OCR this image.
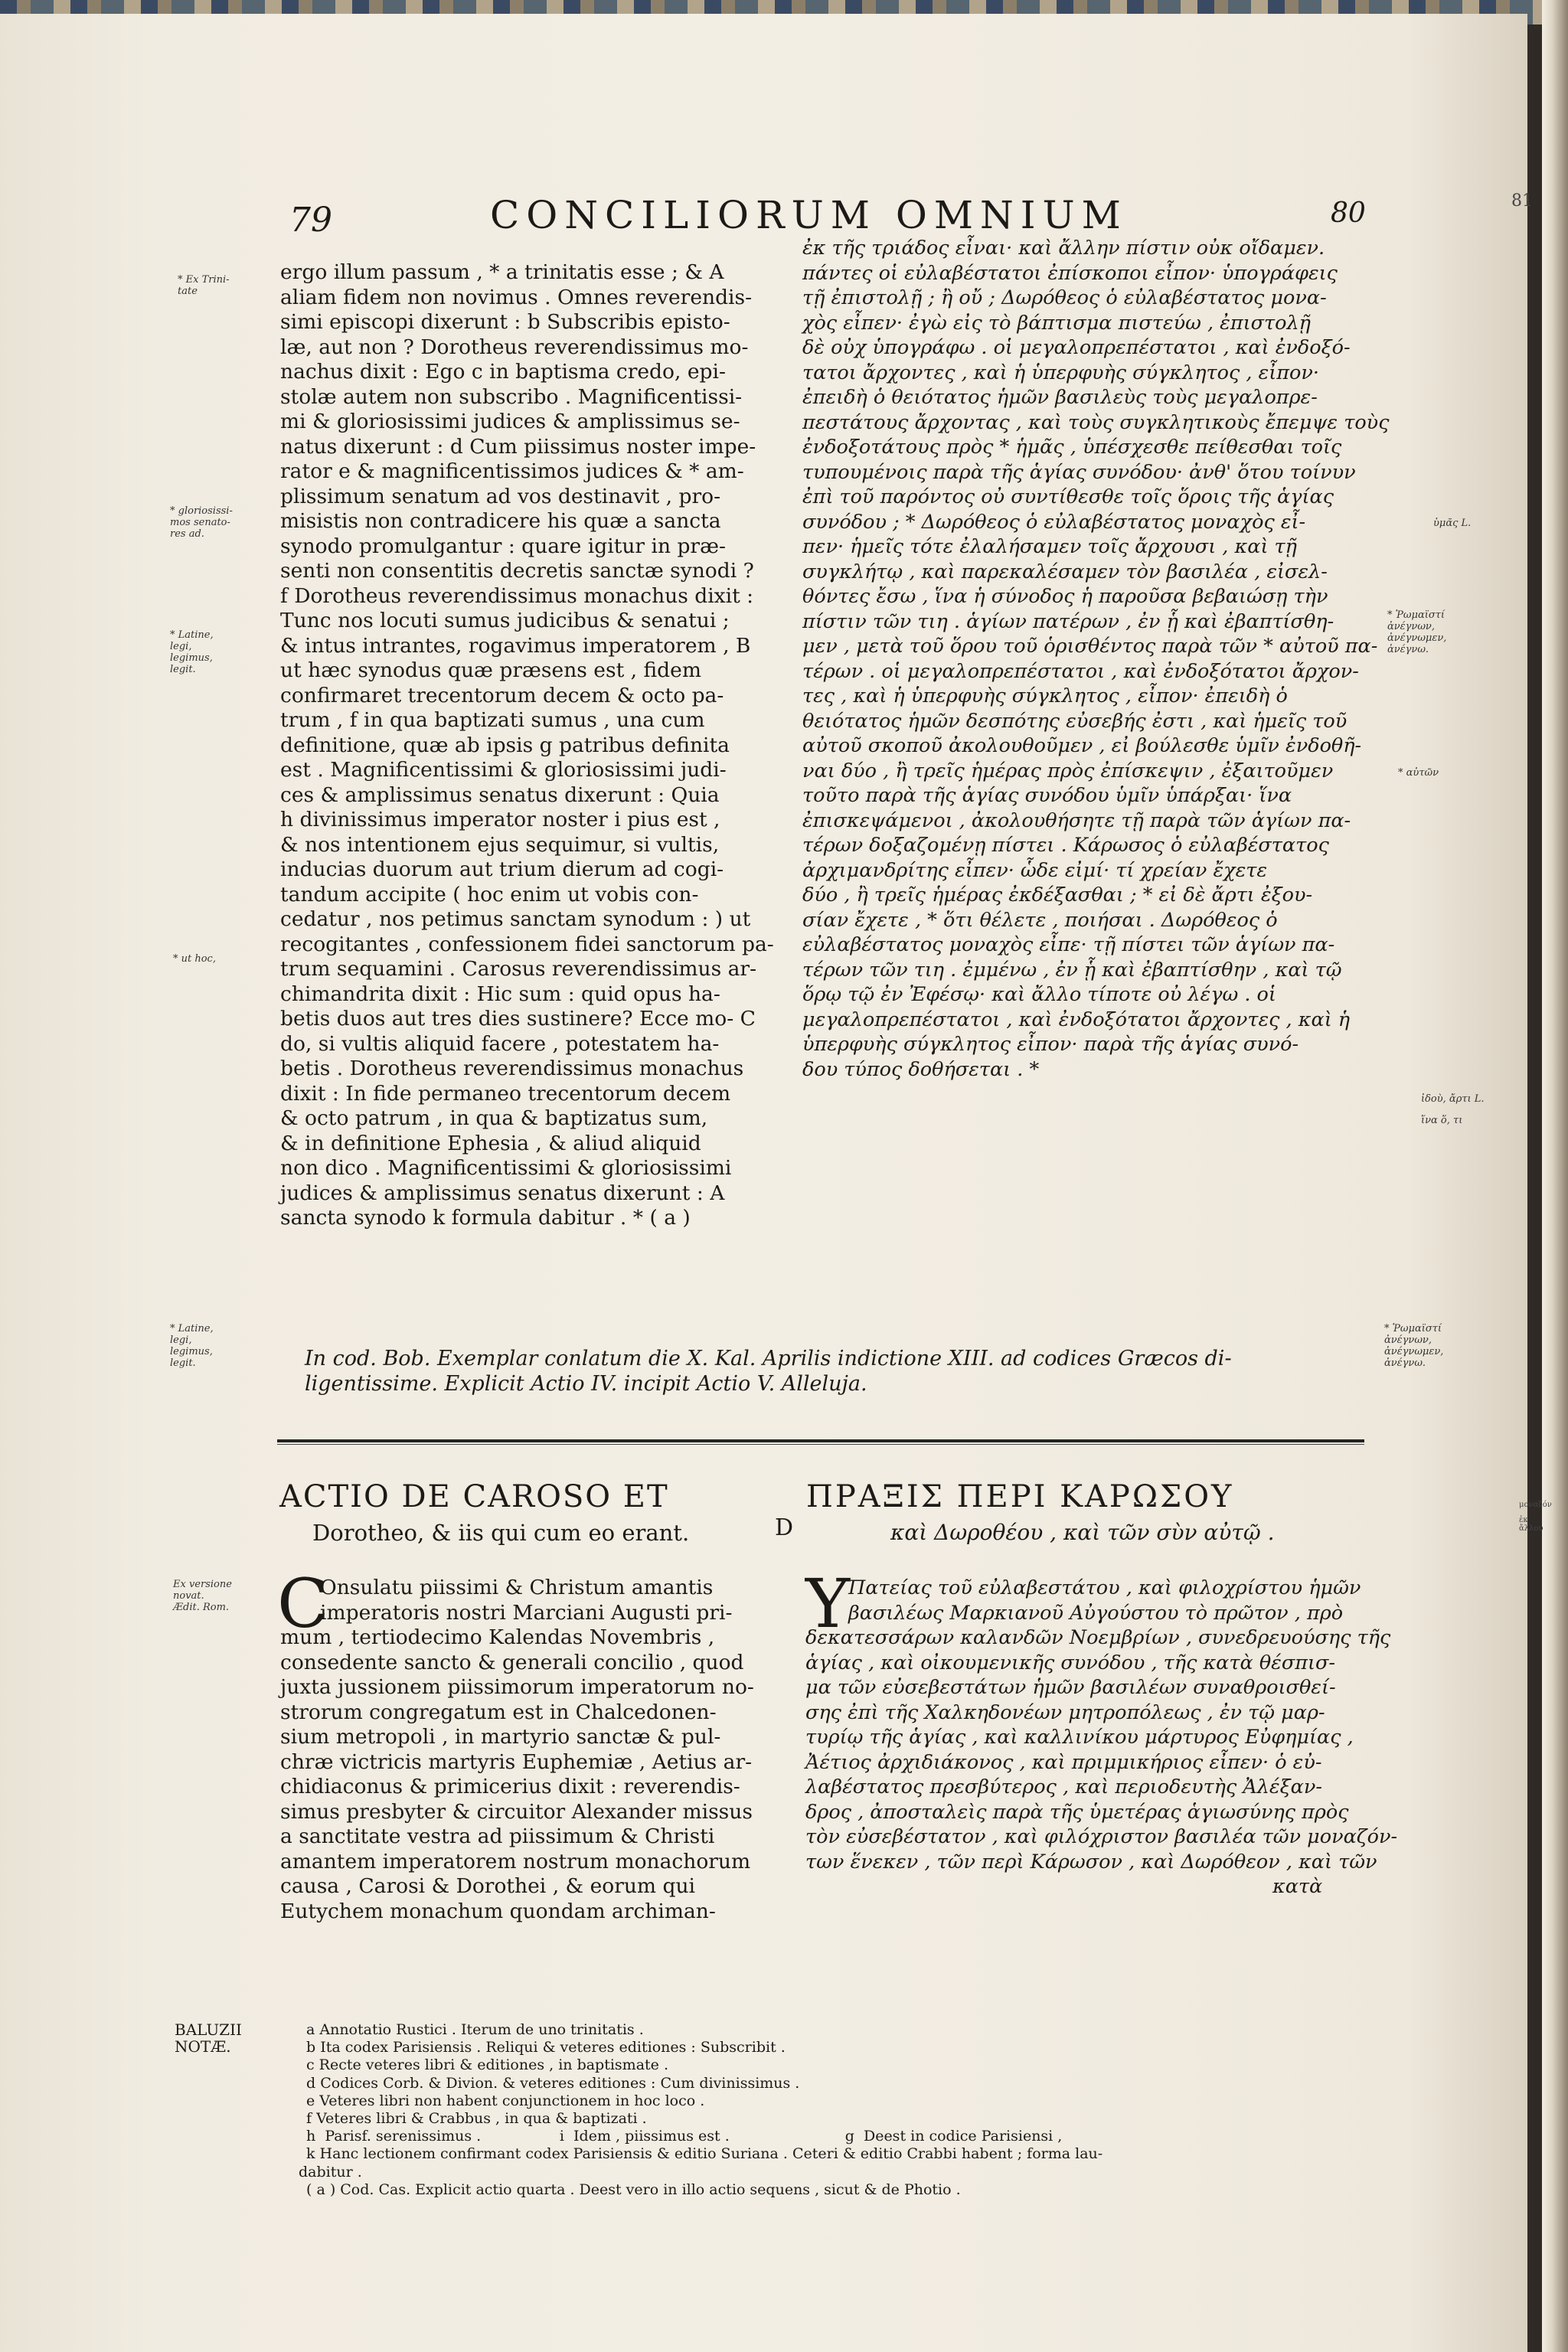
81
μοναζόν
ἐκ ἄλλου
79	CONCILIORUM OMNIUM	80
ergo illum passum , * a trinitatis esse ; & A
aliam fidem non novimus . Omnes reverendis-
simi episcopi dixerunt : b Subscribis episto-
læ, aut non ? Dorotheus reverendissimus mo-
nachus dixit : Ego c in baptisma credo, epi-
stolæ autem non subscribo . Magnificentissi-
mi & gloriosissimi judices & amplissimus se-
natus dixerunt : d Cum piissimus noster impe-
rator e & magnificentissimos judices & * am-
plissimum senatum ad vos destinavit , pro-
misistis non contradicere his quæ a sancta
synodo promulgantur : quare igitur in præ-
senti non consentitis decretis sanctæ synodi ?
f Dorotheus reverendissimus monachus dixit :
Tunc nos locuti sumus judicibus & senatui ;
& intus intrantes, rogavimus imperatorem , B
ut hæc synodus quæ præsens est , fidem
confirmaret trecentorum decem & octo pa-
trum , f in qua baptizati sumus , una cum
definitione, quæ ab ipsis g patribus definita
est . Magnificentissimi & gloriosissimi judi-
ces & amplissimus senatus dixerunt : Quia
h divinissimus imperator noster i pius est ,
& nos intentionem ejus sequimur, si vultis,
inducias duorum aut trium dierum ad cogi-
tandum accipite ( hoc enim ut vobis con-
cedatur , nos petimus sanctam synodum : ) ut
recogitantes , confessionem fidei sanctorum pa-
trum sequamini . Carosus reverendissimus ar-
chimandrita dixit : Hic sum : quid opus ha-
betis duos aut tres dies sustinere? Ecce mo- C
do, si vultis aliquid facere , potestatem ha-
betis . Dorotheus reverendissimus monachus
dixit : In fide permaneo trecentorum decem
& octo patrum , in qua & baptizatus sum,
& in definitione Ephesia , & aliud aliquid
non dico . Magnificentissimi & gloriosissimi
judices & amplissimus senatus dixerunt : A
sancta synodo k formula dabitur . * ( a )
ἐκ τῆς τριάδος εἶναι· καὶ ἄλλην πίστιν οὐκ οἴδαμεν.
πάντες οἱ εὐλαβέστατοι ἐπίσκοποι εἶπον· ὑπογράφεις
τῇ ἐπιστολῇ ; ἢ οὔ ; Δωρόθεος ὁ εὐλαβέστατος μονα-
χὸς εἶπεν· ἐγὼ εἰς τὸ βάπτισμα πιστεύω , ἐπιστολῇ
δὲ οὐχ ὑπογράφω . οἱ μεγαλοπρεπέστατοι , καὶ ἐνδοξό-
τατοι ἄρχοντες , καὶ ἡ ὑπερφυὴς σύγκλητος , εἶπον·
ἐπειδὴ ὁ θειότατος ἡμῶν βασιλεὺς τοὺς μεγαλοπρε-
πεστάτους ἄρχοντας , καὶ τοὺς συγκλητικοὺς ἔπεμψε τοὺς
ἐνδοξοτάτους πρὸς * ἡμᾶς , ὑπέσχεσθε πείθεσθαι τοῖς
τυπουμένοις παρὰ τῆς ἁγίας συνόδου· ἀνθ' ὅτου τοίνυν
ἐπὶ τοῦ παρόντος οὐ συντίθεσθε τοῖς ὅροις τῆς ἁγίας
συνόδου ; * Δωρόθεος ὁ εὐλαβέστατος μοναχὸς εἶ-
πεν· ἡμεῖς τότε ἐλαλήσαμεν τοῖς ἄρχουσι , καὶ τῇ
συγκλήτῳ , καὶ παρεκαλέσαμεν τὸν βασιλέα , εἰσελ-
θόντες ἔσω , ἵνα ἡ σύνοδος ἡ παροῦσα βεβαιώσῃ τὴν
πίστιν τῶν τιη . ἁγίων πατέρων , ἐν ᾗ καὶ ἐβαπτίσθη-
μεν , μετὰ τοῦ ὅρου τοῦ ὁρισθέντος παρὰ τῶν * αὐτοῦ πα-
τέρων . οἱ μεγαλοπρεπέστατοι , καὶ ἐνδοξότατοι ἄρχον-
τες , καὶ ἡ ὑπερφυὴς σύγκλητος , εἶπον· ἐπειδὴ ὁ
θειότατος ἡμῶν δεσπότης εὐσεβής ἐστι , καὶ ἡμεῖς τοῦ
αὐτοῦ σκοποῦ ἀκολουθοῦμεν , εἰ βούλεσθε ὑμῖν ἐνδοθῆ-
ναι δύο , ἢ τρεῖς ἡμέρας πρὸς ἐπίσκεψιν , ἐξαιτοῦμεν
τοῦτο παρὰ τῆς ἁγίας συνόδου ὑμῖν ὑπάρξαι· ἵνα
ἐπισκεψάμενοι , ἀκολουθήσητε τῇ παρὰ τῶν ἁγίων πα-
τέρων δοξαζομένῃ πίστει . Κάρωσος ὁ εὐλαβέστατος
ἀρχιμανδρίτης εἶπεν· ὧδε εἰμί· τί χρείαν ἔχετε
δύο , ἢ τρεῖς ἡμέρας ἐκδέξασθαι ; * εἰ δὲ ἄρτι ἐξου-
σίαν ἔχετε , * ὅτι θέλετε , ποιήσαι . Δωρόθεος ὁ
εὐλαβέστατος μοναχὸς εἶπε· τῇ πίστει τῶν ἁγίων πα-
τέρων τῶν τιη . ἐμμένω , ἐν ᾗ καὶ ἐβαπτίσθην , καὶ τῷ
ὅρῳ τῷ ἐν Ἐφέσῳ· καὶ ἄλλο τίποτε οὐ λέγω . οἱ
μεγαλοπρεπέστατοι , καὶ ἐνδοξότατοι ἄρχοντες , καὶ ἡ
ὑπερφυὴς σύγκλητος εἶπον· παρὰ τῆς ἁγίας συνό-
δου τύπος δοθήσεται . *
* Ex Trini-
tate
* gloriosissi-
mos senato-
res ad.
* Latine,
legi,
legimus,
legit.
* ut hoc,
* Latine,
legi,
legimus,
legit.
ὑμᾶς L.
* Ῥωμαϊστί
ἀνέγνων,
ἀνέγνωμεν,
ἀνέγνω.
* αὐτῶν
ἰδοὺ, ἄρτι L.
ἵνα ὅ, τι
* Ῥωμαϊστί
ἀνέγνων,
ἀνέγνωμεν,
ἀνέγνω.
In cod. Bob. Exemplar conlatum die X. Kal. Aprilis indictione XIII. ad codices Græcos di-
ligentissime. Explicit Actio IV. incipit Actio V. Alleluja.
ACTIO DE CAROSO ET
Dorotheo, & iis qui cum eo erant.	D
ΠΡΑΞΙΣ ΠΕΡΙ ΚΑΡΩΣΟΥ
καὶ Δωροθέου , καὶ τῶν σὺν αὐτῷ .
Ex versione
novat.
Ædit. Rom. C
Onsulatu piissimi & Christum amantis
imperatoris nostri Marciani Augusti pri-
mum , tertiodecimo Kalendas Novembris ,
consedente sancto & generali concilio , quod
juxta jussionem piissimorum imperatorum no-
strorum congregatum est in Chalcedonen-
sium metropoli , in martyrio sanctæ & pul-
chræ victricis martyris Euphemiæ , Aetius ar-
chidiaconus & primicerius dixit : reverendis-
simus presbyter & circuitor Alexander missus
a sanctitate vestra ad piissimum & Christi
amantem imperatorem nostrum monachorum
causa , Carosi & Dorothei , & eorum qui
Eutychem monachum quondam archiman-
Υ
Πατείας τοῦ εὐλαβεστάτου , καὶ φιλοχρίστου ἡμῶν
βασιλέως Μαρκιανοῦ Αὐγούστου τὸ πρῶτον , πρὸ
δεκατεσσάρων καλανδῶν Νοεμβρίων , συνεδρευούσης τῆς
ἁγίας , καὶ οἰκουμενικῆς συνόδου , τῆς κατὰ θέσπισ-
μα τῶν εὐσεβεστάτων ἡμῶν βασιλέων συναθροισθεί-
σης ἐπὶ τῆς Χαλκηδονέων μητροπόλεως , ἐν τῷ μαρ-
τυρίῳ τῆς ἁγίας , καὶ καλλινίκου μάρτυρος Εὐφημίας ,
Ἀέτιος ἀρχιδιάκονος , καὶ πριμμικήριος εἶπεν· ὁ εὐ-
λαβέστατος πρεσβύτερος , καὶ περιοδευτὴς Ἀλέξαν-
δρος , ἀποσταλεὶς παρὰ τῆς ὑμετέρας ἁγιωσύνης πρὸς
τὸν εὐσεβέστατον , καὶ φιλόχριστον βασιλέα τῶν μοναζόν-
των ἕνεκεν , τῶν περὶ Κάρωσον , καὶ Δωρόθεον , καὶ τῶν
κατὰ
BALUZII
NOTÆ.
a Annotatio Rustici . Iterum de uno trinitatis .
b Ita codex Parisiensis . Reliqui & veteres editiones : Subscribit .
c Recte veteres libri & editiones , in baptismate .
d Codices Corb. & Divion. & veteres editiones : Cum divinissimus .
e Veteres libri non habent conjunctionem in hoc loco .
f Veteres libri & Crabbus , in qua & baptizati .
h  Parisf. serenissimus .                 i  Idem , piissimus est .                         g  Deest in codice Parisiensi ,
k Hanc lectionem confirmant codex Parisiensis & editio Suriana . Ceteri & editio Crabbi habent ; forma lau-
dabitur .
( a ) Cod. Cas. Explicit actio quarta . Deest vero in illo actio sequens , sicut & de Photio .
